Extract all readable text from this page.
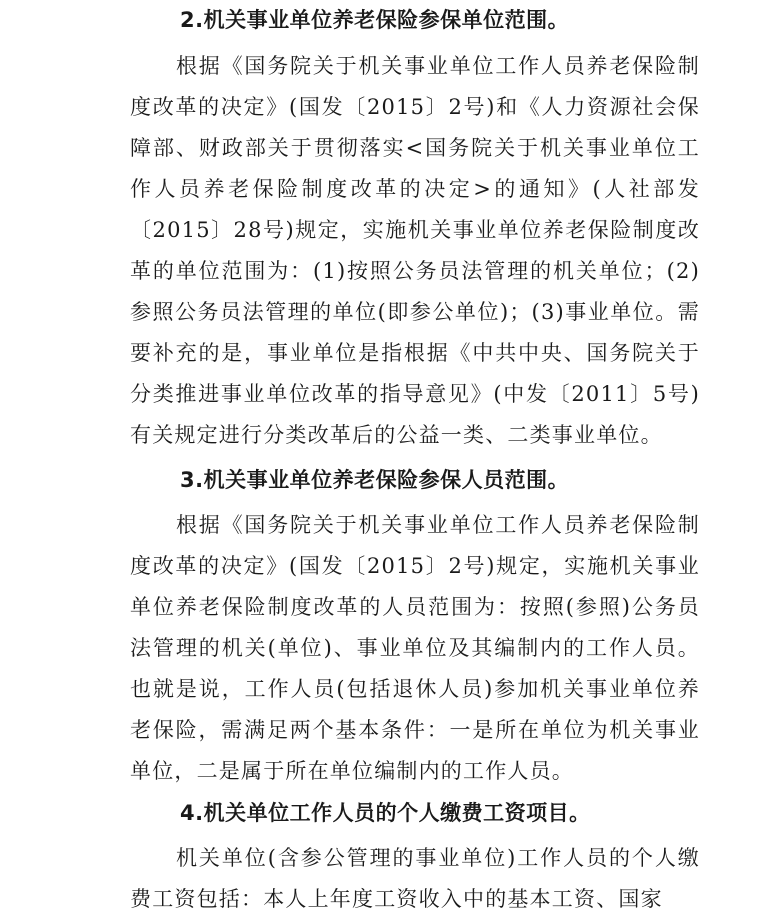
2.机关事业单位养老保险参保单位范围。
根据《国务院关于机关事业单位工作人员养老保险制度改革的决定》(国发〔2015〕2号)和《人力资源社会保障部、财政部关于贯彻落实<国务院关于机关事业单位工作人员养老保险制度改革的决定>的通知》(人社部发〔2015〕28号)规定，实施机关事业单位养老保险制度改革的单位范围为：(1)按照公务员法管理的机关单位；(2)参照公务员法管理的单位(即参公单位)；(3)事业单位。需要补充的是，事业单位是指根据《中共中央、国务院关于分类推进事业单位改革的指导意见》(中发〔2011〕5号)有关规定进行分类改革后的公益一类、二类事业单位。
3.机关事业单位养老保险参保人员范围。
根据《国务院关于机关事业单位工作人员养老保险制度改革的决定》(国发〔2015〕2号)规定，实施机关事业单位养老保险制度改革的人员范围为：按照(参照)公务员法管理的机关(单位)、事业单位及其编制内的工作人员。也就是说，工作人员(包括退休人员)参加机关事业单位养老保险，需满足两个基本条件：一是所在单位为机关事业单位，二是属于所在单位编制内的工作人员。
4.机关单位工作人员的个人缴费工资项目。
机关单位(含参公管理的事业单位)工作人员的个人缴费工资包括：本人上年度工资收入中的基本工资、国家
